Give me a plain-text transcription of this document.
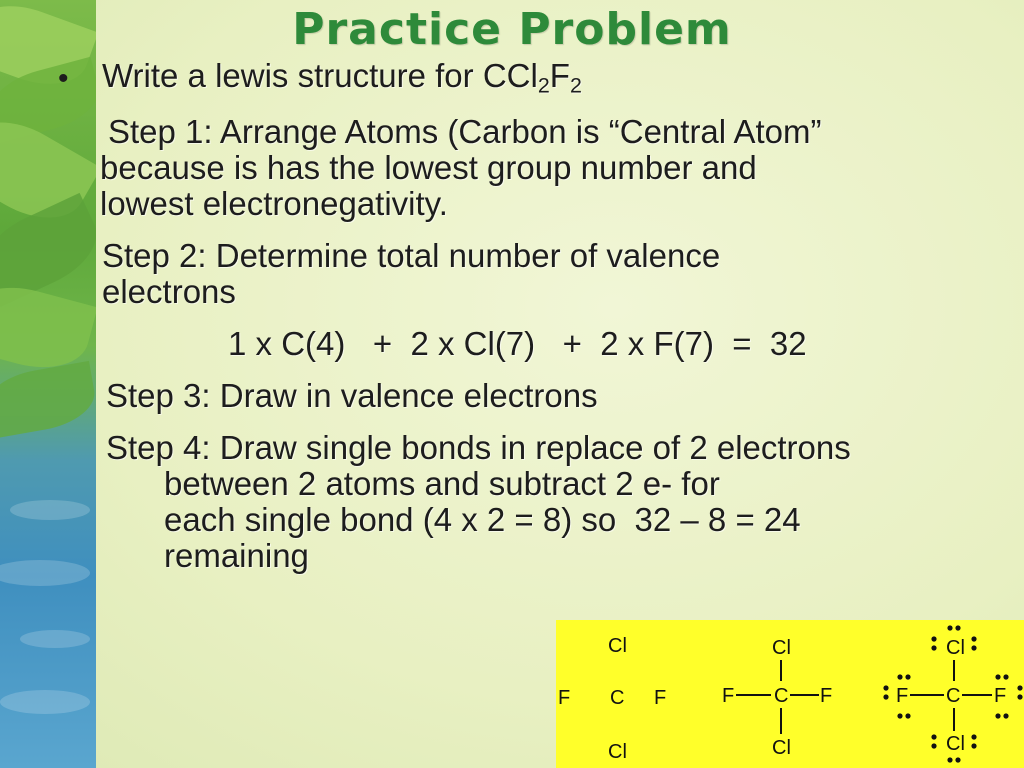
Practice Problem
• Write a lewis structure for $CCl_2F_2$
Step 1: Arrange Atoms (Carbon is “Central Atom”
because is has the lowest group number and
lowest electronegativity.
Step 2: Determine total number of valence
electrons
1 x C(4)   +  2 x Cl(7)   +  2 x F(7)  =  32
Step 3: Draw in valence electrons
Step 4: Draw single bonds in replace of 2 electrons
between 2 atoms and subtract 2 e- for
each single bond (4 x 2 = 8) so  32 – 8 = 24
remaining
Cl
F C F
Cl
Cl
F C F
Cl
Cl
F C F
Cl
